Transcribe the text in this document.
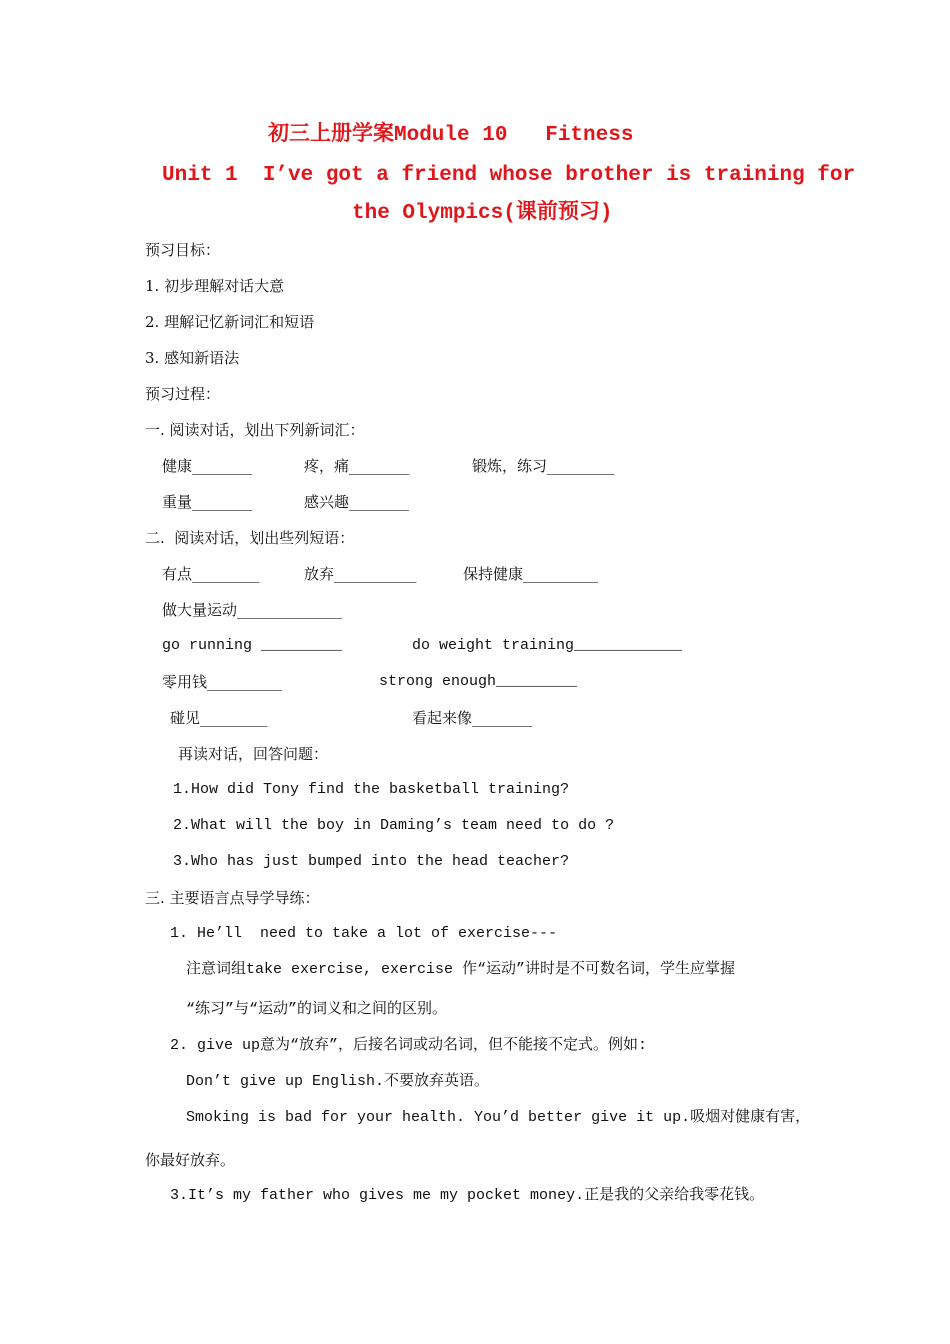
初三上册学案Module 10   Fitness
Unit 1  I’ve got a friend whose brother is training for
the Olympics(课前预习)
预习目标：
1. 初步理解对话大意
2. 理解记忆新词汇和短语
3. 感知新语法
预习过程：
一. 阅读对话，划出下列新词汇：
健康________	疼，痛________	锻炼，练习_________
重量________	感兴趣________
二.  阅读对话，划出些列短语：
有点_________	放弃___________	保持健康__________
做大量运动______________
go running _________	do weight training____________
零用钱__________	strong enough_________
碰见_________	看起来像________
再读对话，回答问题：
1.How did Tony find the basketball training?
2.What will the boy in Daming’s team need to do ?
3.Who has just bumped into the head teacher?
三. 主要语言点导学导练：
1. He’ll  need to take a lot of exercise---
注意词组take exercise, exercise 作“运动”讲时是不可数名词，学生应掌握
“练习”与“运动”的词义和之间的区别。
2. give up意为“放弃”，后接名词或动名词，但不能接不定式。例如:
Don’t give up English.不要放弃英语。
Smoking is bad for your health. You’d better give it up.吸烟对健康有害，
你最好放弃。
3.It’s my father who gives me my pocket money.正是我的父亲给我零花钱。
